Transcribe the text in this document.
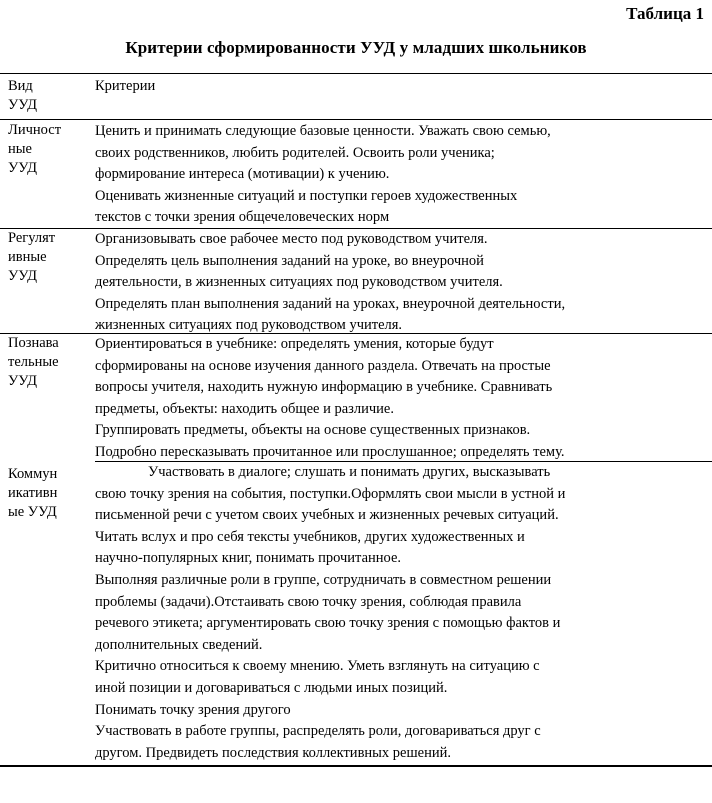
Таблица 1
Критерии сформированности УУД у младших школьников
Вид
УУД
Критерии
Личност
ные
УУД

Ценить и принимать следующие базовые ценности. Уважать свою семью,
своих родственников, любить родителей. Освоить роли ученика;
формирование интереса (мотивации) к учению.

Оценивать жизненные ситуаций и поступки героев художественных
текстов с точки зрения общечеловеческих норм

Регулят
ивные
УУД

Организовывать свое рабочее место под руководством учителя.

Определять цель выполнения заданий на уроке, во внеурочной
деятельности, в жизненных ситуациях под руководством учителя.

Определять план выполнения заданий на уроках, внеурочной деятельности,
жизненных ситуациях под руководством учителя.

Познава
тельные
УУД

Ориентироваться в учебнике: определять умения, которые будут
сформированы на основе изучения данного раздела. Отвечать на простые
вопросы учителя, находить нужную информацию в учебнике. Сравнивать
предметы, объекты: находить общее и различие.

Группировать предметы, объекты на основе существенных признаков.

Подробно пересказывать прочитанное или прослушанное; определять тему.

Коммун
икативн
ые УУД

Участвовать в диалоге; слушать и понимать других, высказывать
свою точку зрения на события, поступки.Оформлять свои мысли в устной и
письменной речи с учетом своих учебных и жизненных речевых ситуаций.

Читать вслух и про себя тексты учебников, других художественных и
научно-популярных книг, понимать прочитанное.

Выполняя различные роли в группе, сотрудничать в совместном решении
проблемы (задачи).Отстаивать свою точку зрения, соблюдая правила
речевого этикета; аргументировать свою точку зрения с помощью фактов и
дополнительных сведений.

Критично относиться к своему мнению. Уметь взглянуть на ситуацию с
иной позиции и договариваться с людьми иных позиций.

Понимать точку зрения другого

Участвовать в работе группы, распределять роли, договариваться друг с
другом. Предвидеть последствия коллективных решений.
